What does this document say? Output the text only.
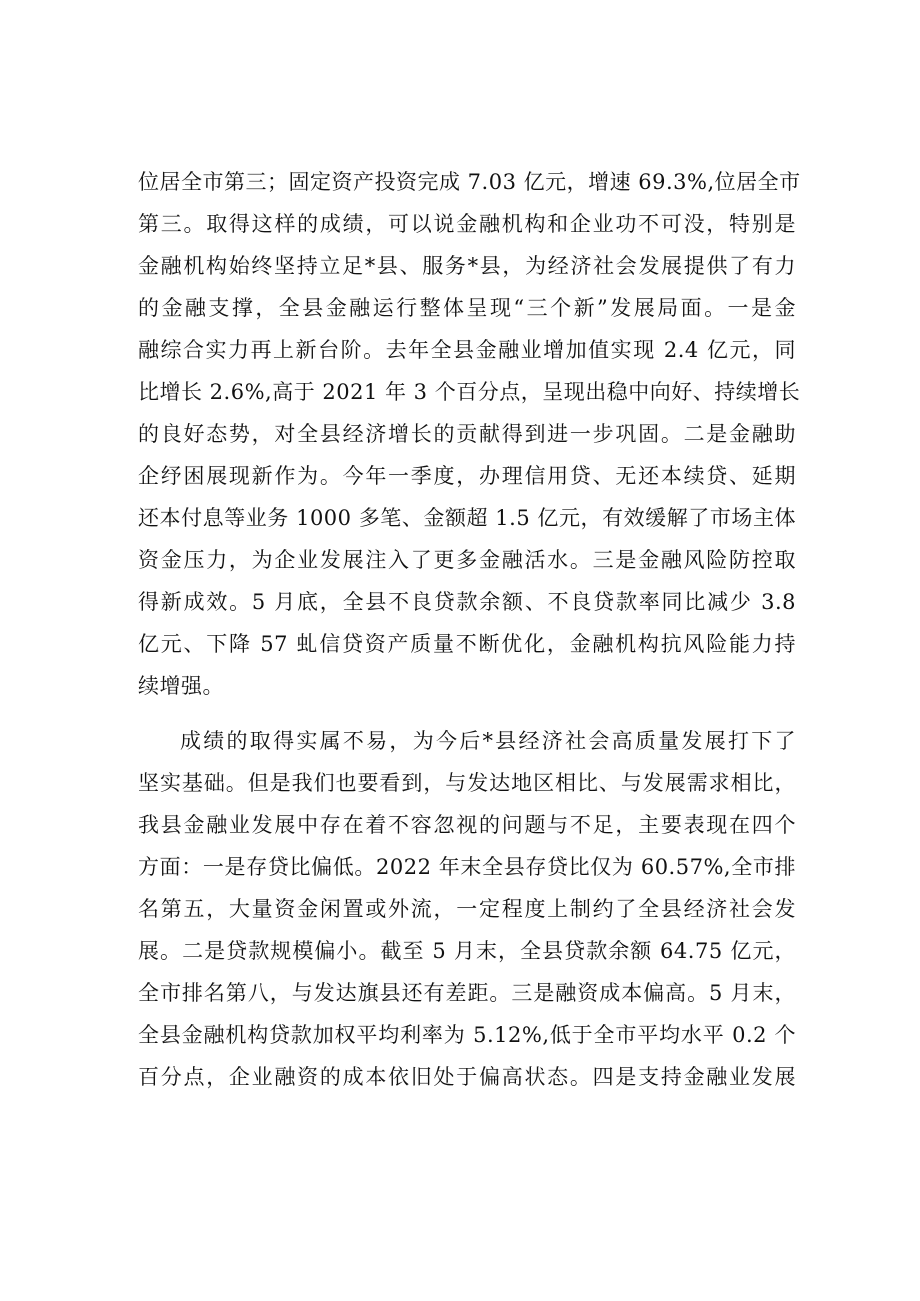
位居全市第三；固定资产投资完成 7.03 亿元，增速 69.3%,位居全市
第三。取得这样的成绩，可以说金融机构和企业功不可没，特别是
金融机构始终坚持立足*县、服务*县，为经济社会发展提供了有力
的金融支撑，全县金融运行整体呈现“三个新”发展局面。一是金
融综合实力再上新台阶。去年全县金融业增加值实现 2.4 亿元，同
比增长 2.6%,高于 2021 年 3 个百分点，呈现出稳中向好、持续增长
的良好态势，对全县经济增长的贡献得到进一步巩固。二是金融助
企纾困展现新作为。今年一季度，办理信用贷、无还本续贷、延期
还本付息等业务 1000 多笔、金额超 1.5 亿元，有效缓解了市场主体
资金压力，为企业发展注入了更多金融活水。三是金融风险防控取
得新成效。5 月底，全县不良贷款余额、不良贷款率同比减少 3.8
亿元、下降 57 虬信贷资产质量不断优化，金融机构抗风险能力持
续增强。
成绩的取得实属不易，为今后*县经济社会高质量发展打下了
坚实基础。但是我们也要看到，与发达地区相比、与发展需求相比，
我县金融业发展中存在着不容忽视的问题与不足，主要表现在四个
方面：一是存贷比偏低。2022 年末全县存贷比仅为 60.57%,全市排
名第五，大量资金闲置或外流，一定程度上制约了全县经济社会发
展。二是贷款规模偏小。截至 5 月末，全县贷款余额 64.75 亿元，
全市排名第八，与发达旗县还有差距。三是融资成本偏高。5 月末，
全县金融机构贷款加权平均利率为 5.12%,低于全市平均水平 0.2 个
百分点，企业融资的成本依旧处于偏高状态。四是支持金融业发展
